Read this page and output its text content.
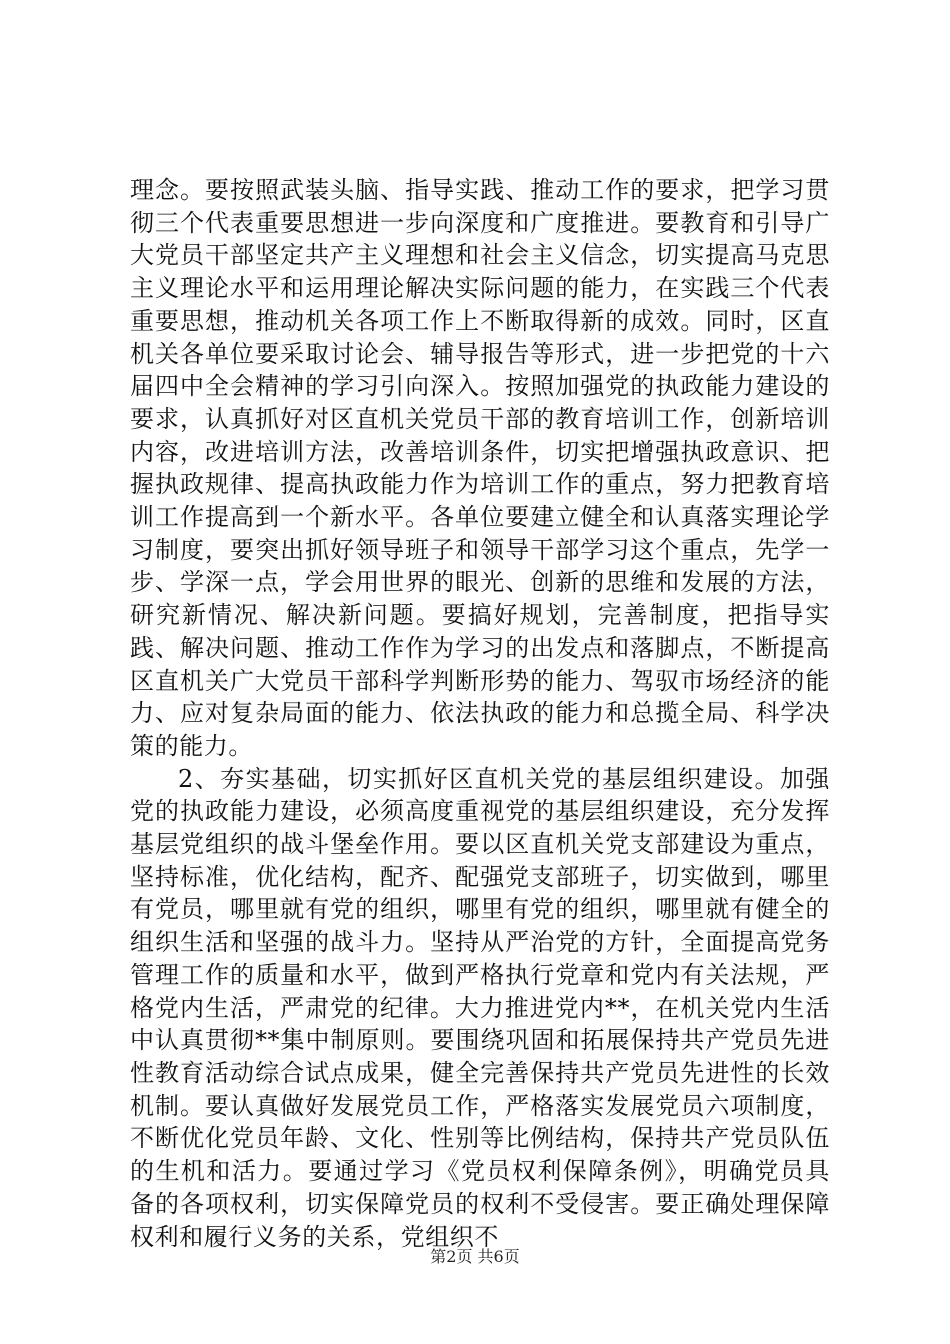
理念。要按照武装头脑、指导实践、推动工作的要求，把学习贯彻三个代表重要思想进一步向深度和广度推进。要教育和引导广大党员干部坚定共产主义理想和社会主义信念，切实提高马克思主义理论水平和运用理论解决实际问题的能力，在实践三个代表重要思想，推动机关各项工作上不断取得新的成效。同时，区直机关各单位要采取讨论会、辅导报告等形式，进一步把党的十六届四中全会精神的学习引向深入。按照加强党的执政能力建设的要求，认真抓好对区直机关党员干部的教育培训工作，创新培训内容，改进培训方法，改善培训条件，切实把增强执政意识、把握执政规律、提高执政能力作为培训工作的重点，努力把教育培训工作提高到一个新水平。各单位要建立健全和认真落实理论学习制度，要突出抓好领导班子和领导干部学习这个重点，先学一步、学深一点，学会用世界的眼光、创新的思维和发展的方法，研究新情况、解决新问题。要搞好规划，完善制度，把指导实践、解决问题、推动工作作为学习的出发点和落脚点，不断提高区直机关广大党员干部科学判断形势的能力、驾驭市场经济的能力、应对复杂局面的能力、依法执政的能力和总揽全局、科学决策的能力。

2、夯实基础，切实抓好区直机关党的基层组织建设。加强党的执政能力建设，必须高度重视党的基层组织建设，充分发挥基层党组织的战斗堡垒作用。要以区直机关党支部建设为重点，坚持标准，优化结构，配齐、配强党支部班子，切实做到，哪里有党员，哪里就有党的组织，哪里有党的组织，哪里就有健全的组织生活和坚强的战斗力。坚持从严治党的方针，全面提高党务管理工作的质量和水平，做到严格执行党章和党内有关法规，严格党内生活，严肃党的纪律。大力推进党内**，在机关党内生活中认真贯彻**集中制原则。要围绕巩固和拓展保持共产党员先进性教育活动综合试点成果，健全完善保持共产党员先进性的长效机制。要认真做好发展党员工作，严格落实发展党员六项制度，不断优化党员年龄、文化、性别等比例结构，保持共产党员队伍的生机和活力。要通过学习《党员权利保障条例》，明确党员具备的各项权利，切实保障党员的权利不受侵害。要正确处理保障权利和履行义务的关系，党组织不

第2页 共6页
